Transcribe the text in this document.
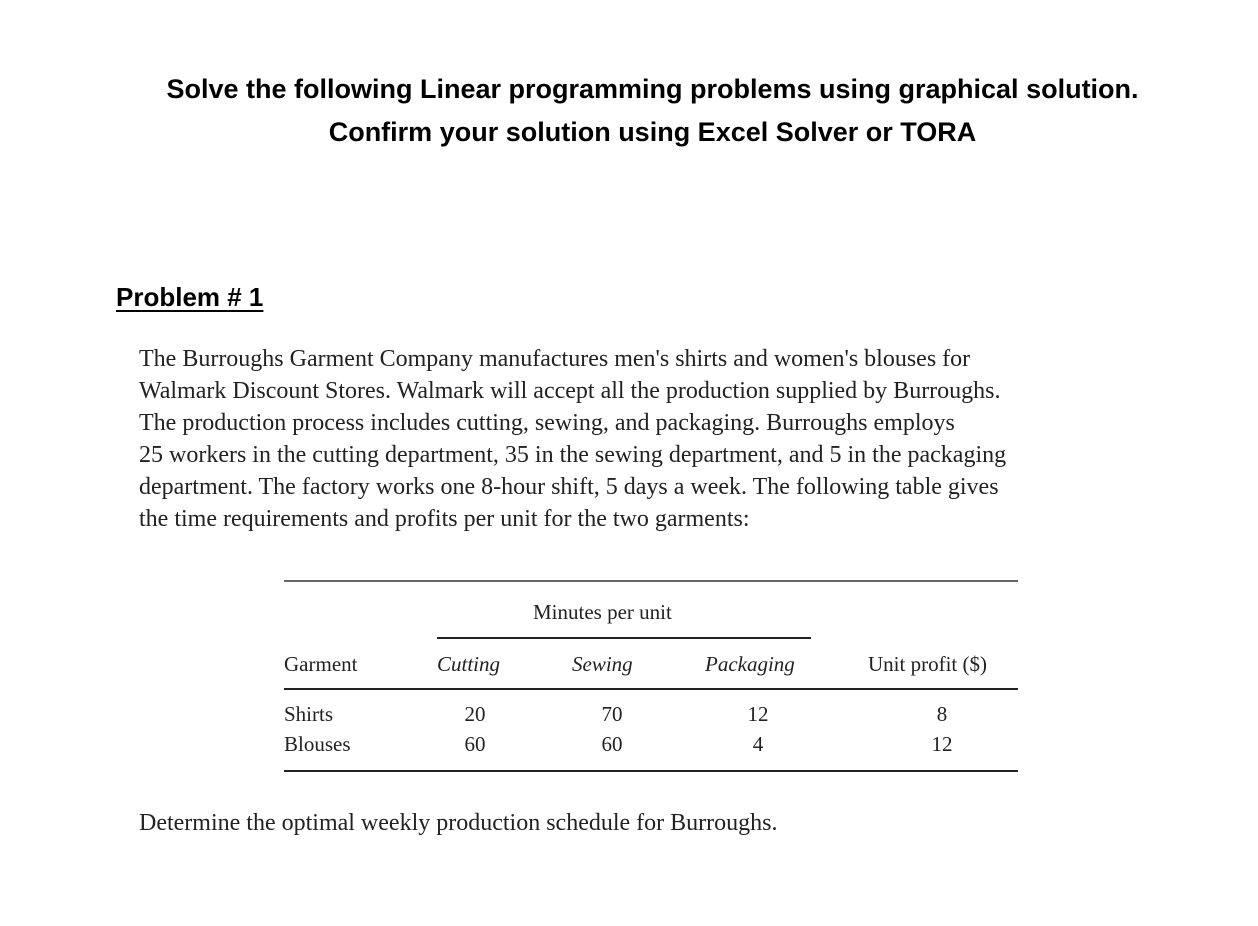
Solve the following Linear programming problems using graphical solution.
Confirm your solution using Excel Solver or TORA
Problem # 1
The Burroughs Garment Company manufactures men's shirts and women's blouses for
Walmark Discount Stores. Walmark will accept all the production supplied by Burroughs.
The production process includes cutting, sewing, and packaging. Burroughs employs
25 workers in the cutting department, 35 in the sewing department, and 5 in the packaging
department. The factory works one 8-hour shift, 5 days a week. The following table gives
the time requirements and profits per unit for the two garments:
Minutes per unit
Garment	Cutting	Sewing	Packaging	Unit profit ($)
Shirts	20	70	12	8
Blouses	60	60	4	12
Determine the optimal weekly production schedule for Burroughs.
